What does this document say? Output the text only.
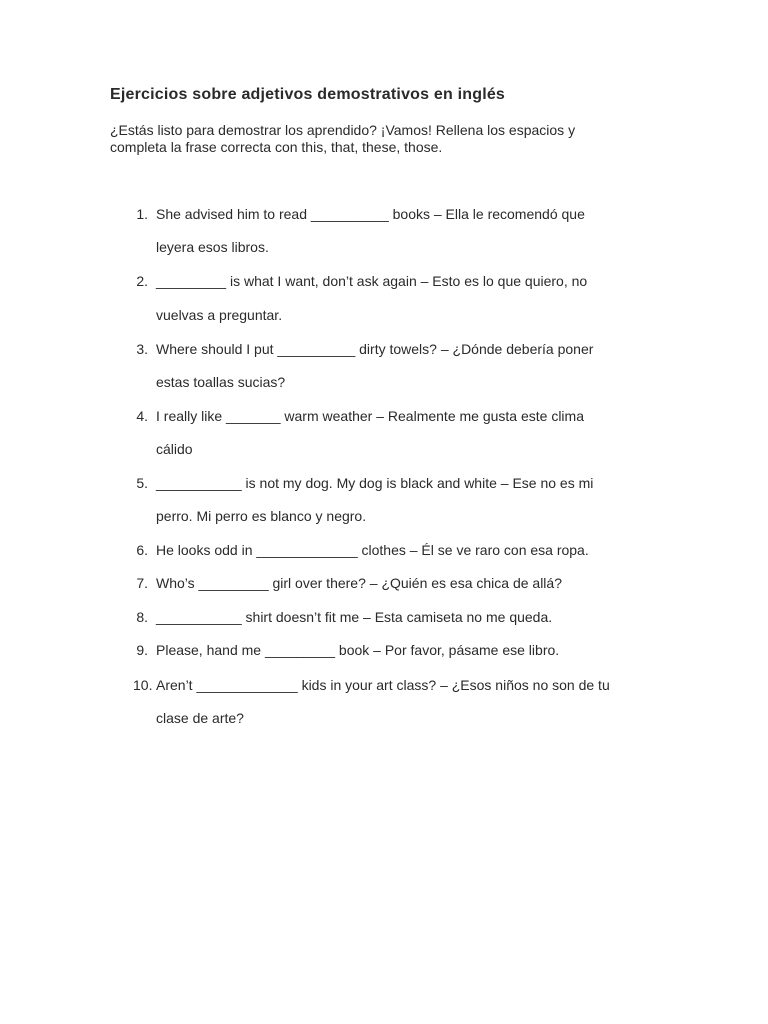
Ejercicios sobre adjetivos demostrativos en inglés

¿Estás listo para demostrar los aprendido? ¡Vamos! Rellena los espacios y

completa la frase correcta con this, that, these, those.

1. She advised him to read __________ books – Ella le recomendó que
leyera esos libros.
2. _________ is what I want, don’t ask again – Esto es lo que quiero, no
vuelvas a preguntar.
3. Where should I put __________ dirty towels? – ¿Dónde debería poner
estas toallas sucias?
4. I really like _______ warm weather – Realmente me gusta este clima
cálido
5. ___________ is not my dog. My dog is black and white – Ese no es mi
perro. Mi perro es blanco y negro.
6. He looks odd in _____________ clothes – Él se ve raro con esa ropa.
7. Who’s _________ girl over there? – ¿Quién es esa chica de allá?
8. ___________ shirt doesn’t fit me – Esta camiseta no me queda.
9. Please, hand me _________ book – Por favor, pásame ese libro.
10. Aren’t _____________ kids in your art class? – ¿Esos niños no son de tu
clase de arte?
